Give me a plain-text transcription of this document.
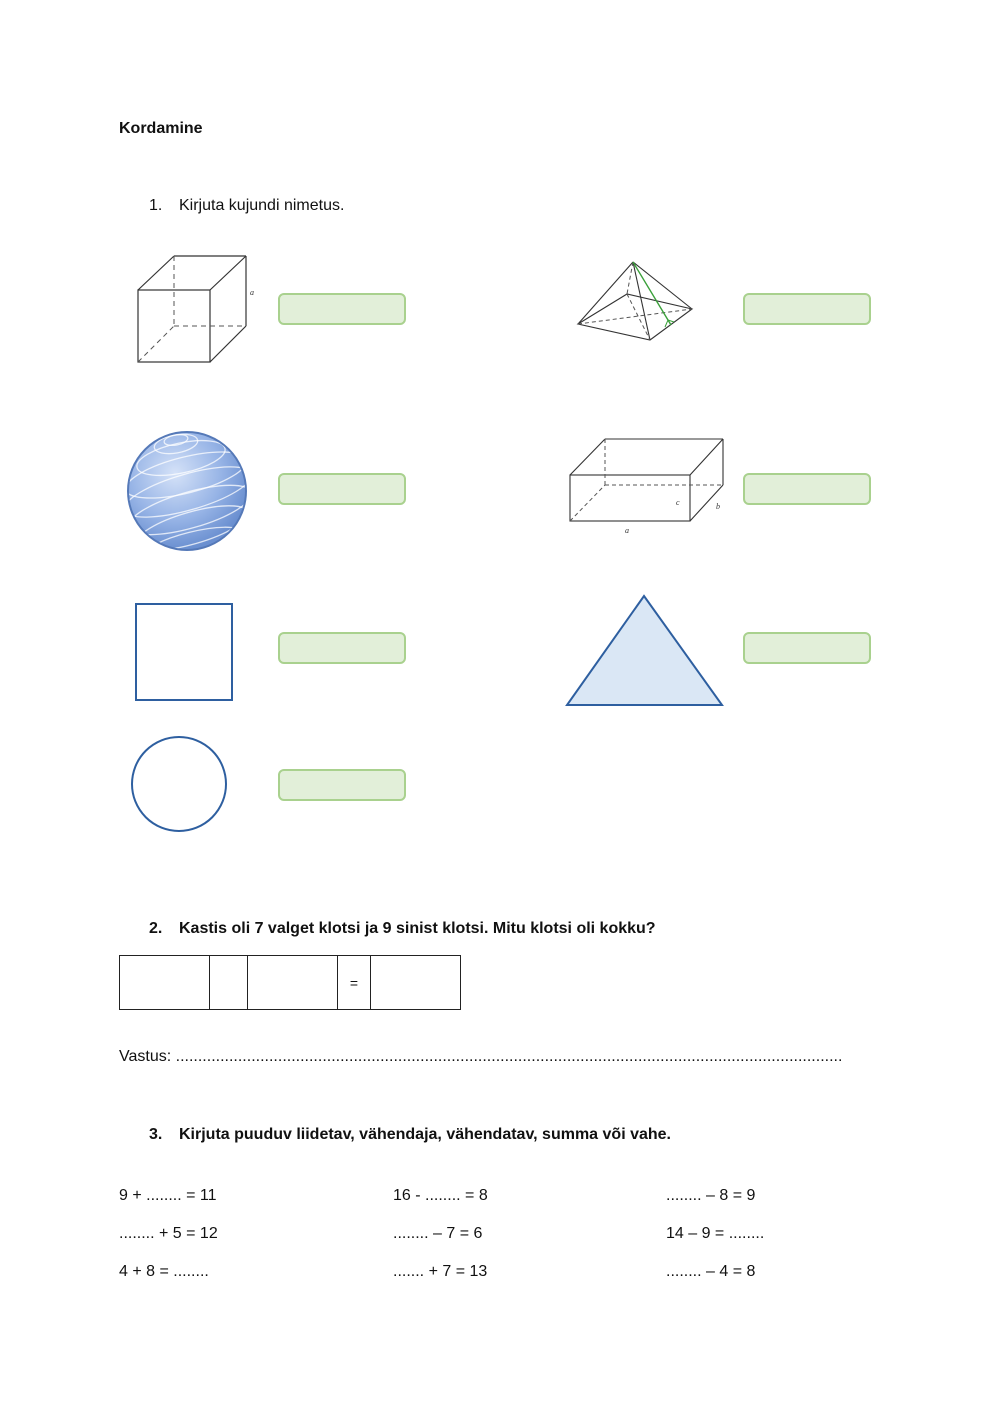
Kordamine
1. Kirjuta kujundi nimetus.
a
c	b
a
2. Kastis oli 7 valget klotsi ja 9 sinist klotsi. Mitu klotsi oli kokku?
			=	
Vastus: ......................................................................................................................................................
3. Kirjuta puuduv liidetav, vähendaja, vähendatav, summa või vahe.
9 + ........ = 11	16 - ........ = 8	........ – 8 = 9
........ + 5 = 12	........ – 7 = 6	14 – 9 = ........
4 + 8 = ........	....... + 7 = 13	........ – 4 = 8
